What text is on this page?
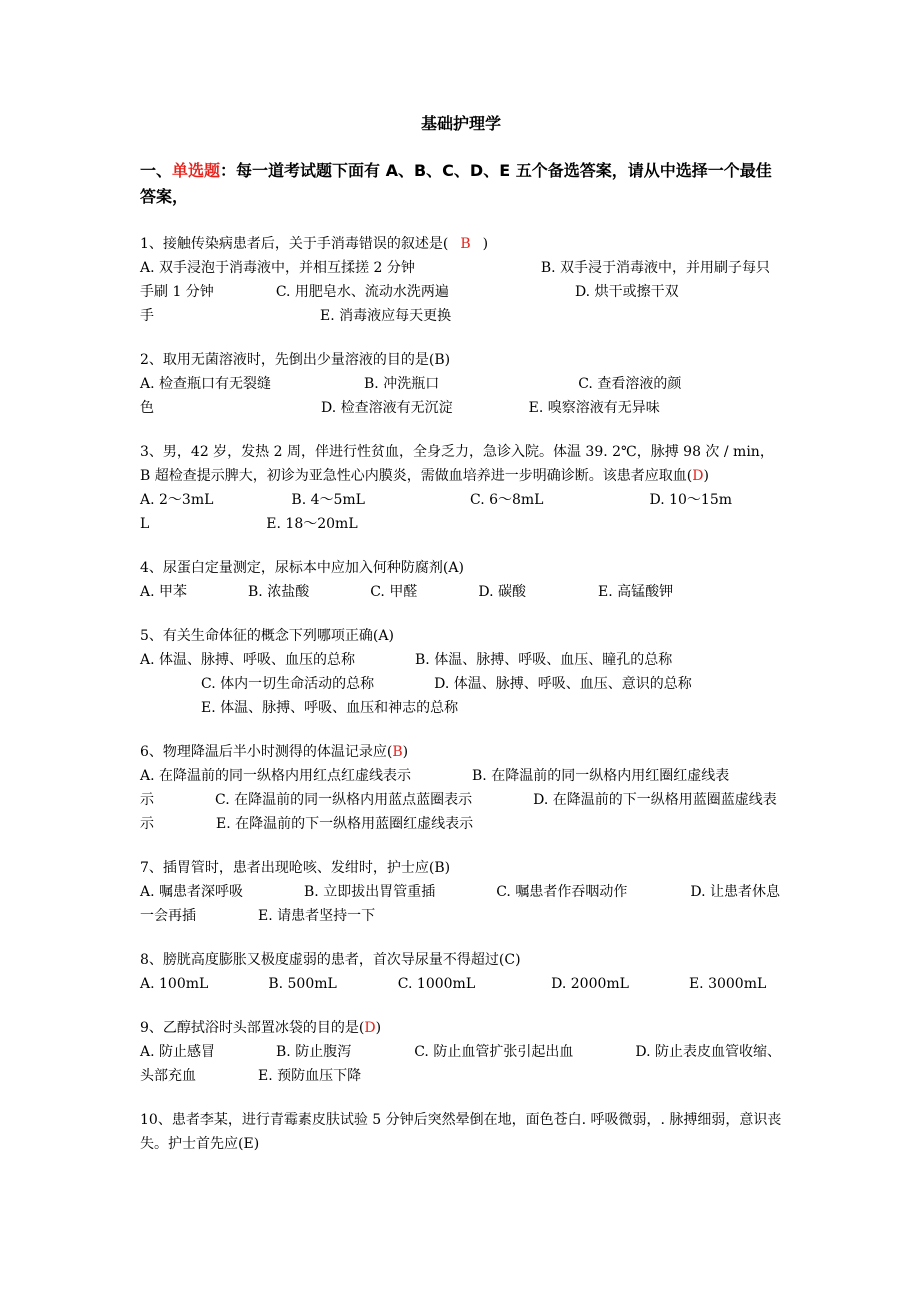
基础护理学
一、单选题：每一道考试题下面有 A、B、C、D、E 五个备选答案，请从中选择一个最佳答案，
1、接触传染病患者后，关于手消毒错误的叙述是( B )
A. 双手浸泡于消毒液中，并相互揉搓 2 分钟	B. 双手浸于消毒液中，并用刷子每只手刷 1 分钟	C. 用肥皂水、流动水洗两遍	D. 烘干或擦干双手	E. 消毒液应每天更换
2、取用无菌溶液时，先倒出少量溶液的目的是(B)
A. 检查瓶口有无裂缝	B. 冲洗瓶口	C. 查看溶液的颜色	D. 检查溶液有无沉淀	E. 嗅察溶液有无异味
3、男，42 岁，发热 2 周，伴进行性贫血，全身乏力，急诊入院。体温 39. 2℃，脉搏 98 次 / min，B 超检查提示脾大，初诊为亚急性心内膜炎，需做血培养进一步明确诊断。该患者应取血(D)
A. 2～3mL	B. 4～5mL	C. 6～8mL	D. 10～15mL	E. 18～20mL
4、尿蛋白定量测定，尿标本中应加入何种防腐剂(A)
A. 甲苯	B. 浓盐酸	C. 甲醛	D. 碳酸	E. 高锰酸钾
5、有关生命体征的概念下列哪项正确(A)
A. 体温、脉搏、呼吸、血压的总称	B. 体温、脉搏、呼吸、血压、瞳孔的总称
C. 体内一切生命活动的总称	D. 体温、脉搏、呼吸、血压、意识的总称
E. 体温、脉搏、呼吸、血压和神志的总称
6、物理降温后半小时测得的体温记录应(B)
A. 在降温前的同一纵格内用红点红虚线表示	B. 在降温前的同一纵格内用红圈红虚线表示	C. 在降温前的同一纵格内用蓝点蓝圈表示	D. 在降温前的下一纵格用蓝圈蓝虚线表示	E. 在降温前的下一纵格用蓝圈红虚线表示
7、插胃管时，患者出现呛咳、发绀时，护士应(B)
A. 嘱患者深呼吸	B. 立即拔出胃管重插	C. 嘱患者作吞咽动作	D. 让患者休息一会再插	E. 请患者坚持一下
8、膀胱高度膨胀又极度虚弱的患者，首次导尿量不得超过(C)
A. 100mL	B. 500mL	C. 1000mL	D. 2000mL	E. 3000mL
9、乙醇拭浴时头部置冰袋的目的是(D)
A. 防止感冒	B. 防止腹泻	C. 防止血管扩张引起出血	D. 防止表皮血管收缩、头部充血	E. 预防血压下降
10、患者李某，进行青霉素皮肤试验 5 分钟后突然晕倒在地，面色苍白. 呼吸微弱，. 脉搏细弱，意识丧失。护士首先应(E)
